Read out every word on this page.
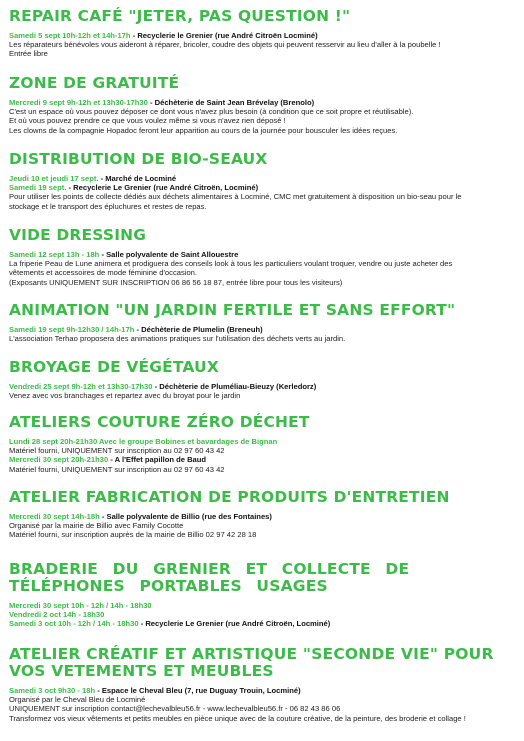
REPAIR CAFÉ "JETER, PAS QUESTION !"
Samedi 5 sept 10h-12h et 14h-17h - Recyclerie le Grenier (rue André Citroën Locminé)
Les réparateurs bénévoles vous aideront à réparer, bricoler, coudre des objets qui peuvent resservir au lieu d'aller à la poubelle !
Entrée libre
ZONE DE GRATUITÉ
Mercredi 9 sept 9h-12h et 13h30-17h30 - Déchèterie de Saint Jean Brévelay (Brenolo)
C'est un espace où vous pouvez déposer ce dont vous n'avez plus besoin (à condition que ce soit propre et réutilisable).
Et où vous pouvez prendre ce que vous voulez même si vous n'avez rien déposé !
Les clowns de la compagnie Hopadoc feront leur apparition au cours de la journée pour bousculer les idées reçues.
DISTRIBUTION DE BIO-SEAUX
Jeudi 10 et jeudi 17 sept. - Marché de Locminé
Samedi 19 sept. - Recyclerie Le Grenier (rue André Citroën, Locminé)
Pour utiliser les points de collecte dédiés aux déchets alimentaires à Locminé, CMC met gratuitement à disposition un bio-seau pour le
stockage et le transport des épluchures et restes de repas.
VIDE DRESSING
Samedi 12 sept 13h - 18h - Salle polyvalente de Saint Allouestre
La friperie Peau de Lune animera et prodiguera des conseils look à tous les particuliers voulant troquer, vendre ou juste acheter des
vêtements et accessoires de mode féminine d'occasion.
(Exposants UNIQUEMENT SUR INSCRIPTION 06 86 56 18 87, entrée libre pour tous les visiteurs)
ANIMATION "UN JARDIN FERTILE ET SANS EFFORT"
Samedi 19 sept 9h-12h30 / 14h-17h - Déchèterie de Plumelin (Breneuh)
L'association Terhao proposera des animations pratiques sur l'utilisation des déchets verts au jardin.
BROYAGE DE VÉGÉTAUX
Vendredi 25 sept 9h-12h et 13h30-17h30 - Déchèterie de Pluméliau-Bieuzy (Kerledorz)
Venez avec vos branchages et repartez avec du broyat pour le jardin
ATELIERS COUTURE ZÉRO DÉCHET
Lundi 28 sept 20h-21h30 Avec le groupe Bobines et bavardages de Bignan
Matériel fourni, UNIQUEMENT sur inscription au 02 97 60 43 42
Mercredi 30 sept 20h-21h30 - A l'Effet papillon de Baud
Matériel fourni, UNIQUEMENT sur inscription au 02 97 60 43 42
ATELIER FABRICATION DE PRODUITS D'ENTRETIEN
Mercredi 30 sept 14h-18h - Salle polyvalente de Billio (rue des Fontaines)
Organisé par la mairie de Billio avec Family Cocotte
Matériel fourni, sur inscription auprès de la mairie de Billio 02 97 42 28 18
BRADERIE DU GRENIER ET COLLECTE DE TÉLÉPHONES PORTABLES USAGES
Mercredi 30 sept 10h - 12h / 14h - 18h30
Vendredi 2 oct 14h - 18h30
Samedi 3 oct 10h - 12h / 14h - 18h30 - Recyclerie Le Grenier (rue André Citroën, Locminé)
ATELIER CRÉATIF ET ARTISTIQUE "SECONDE VIE" POUR VOS VETEMENTS ET MEUBLES
Samedi 3 oct 9h30 - 18h - Espace le Cheval Bleu (7, rue Duguay Trouin, Locminé)
Organisé par le Cheval Bleu de Locminé
UNIQUEMENT sur inscription contact@lechevalbleu56.fr - www.lechevalbleu56.fr - 06 82 43 86 06
Transformez vos vieux vêtements et petits meubles en pièce unique avec de la couture créative, de la peinture, des broderie et collage !
